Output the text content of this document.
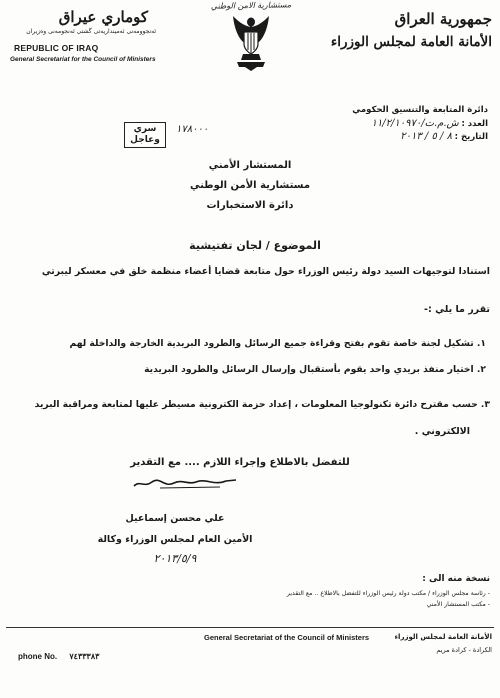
كوماري عيراق
ئەنجوومەنی ئه‌مینداریه‌تی گشتی ئه‌نجومه‌نی وه‌زیران
REPUBLIC OF IRAQ
General Secretariat for the Council of Ministers
مستشارية الامن الوطني
جمهورية العراق
الأمانة العامة لمجلس الوزراء
دائرة المتابعة والتنسيق الحكومي
العدد : ش.م.ت/١١/٢/١٠٩٧٠
التاريخ : ٨ / ٥ / ٢٠١٣
سري
وعاجل
١٧٨٠٠٠
المستشار الأمني
مستشارية الأمن الوطني
دائرة الاستخبارات
الموضوع / لجان تفتيشية
استنادا لتوجيهات السيد دولة رئيس الوزراء حول متابعة قضايا أعضاء منظمة خلق في معسكر ليبرتي
تقرر ما يلي :-
١. تشكيل لجنة خاصة تقوم بفتح وقراءة جميع الرسائل والطرود البريدية الخارجة والداخلة لهم
٢. اختيار منفذ بريدي واحد يقوم بأستقبال وإرسال الرسائل والطرود البريدية
٣. حسب مقترح دائرة تكنولوجيا المعلومات ، إعداد حزمة الكترونية مسيطر عليها لمتابعة ومراقبة البريد
الالكتروني .
للتفضل بالاطلاع وإجراء اللازم .... مع التقدير
علي محسن إسماعيل
الأمين العام لمجلس الوزراء وكالة
٢٠١٣/٥/٩
نسخة منه الى :
- رئاسة مجلس الوزراء / مكتب دولة رئيس الوزراء للتفضل بالاطلاع .. مع التقدير
- مكتب المستشار الأمني
General Secretariat of the Council of Ministers	الأمانة العامة لمجلس الوزراء
الكرادة - كرادة مريم
phone No. ٧٤٣٣٣٨٣
